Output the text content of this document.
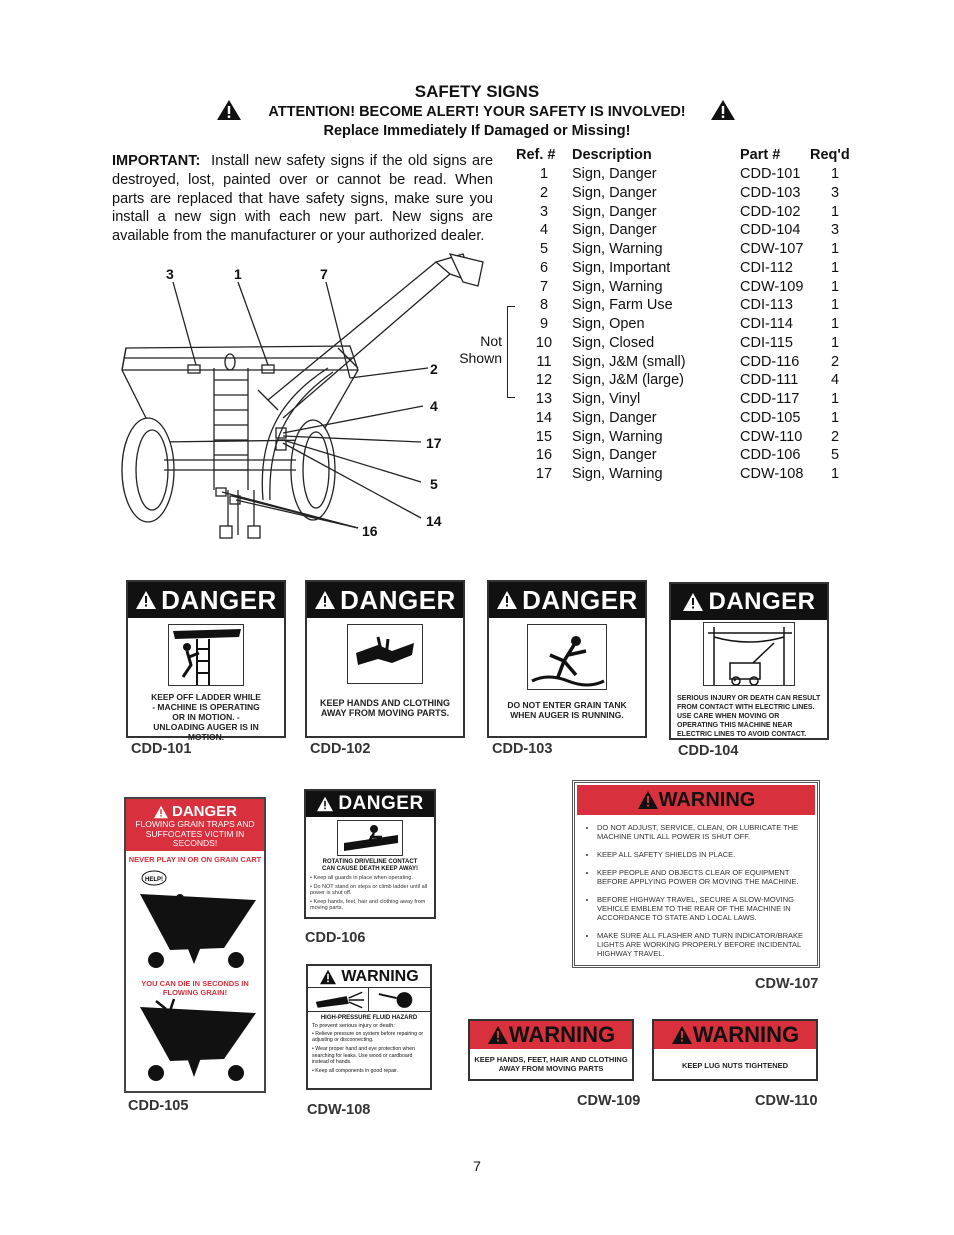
SAFETY SIGNS
ATTENTION! BECOME ALERT! YOUR SAFETY IS INVOLVED!
Replace Immediately If Damaged or Missing!
IMPORTANT: Install new safety signs if the old signs are destroyed, lost, painted over or cannot be read. When parts are replaced that have safety signs, make sure you install a new sign with each new part. New signs are available from the manufacturer or your authorized dealer.
Ref. #	Description	Part #	Req'd
1	Sign, Danger	CDD-101	1
2	Sign, Danger	CDD-103	3
3	Sign, Danger	CDD-102	1
4	Sign, Danger	CDD-104	3
5	Sign, Warning	CDW-107	1
6	Sign, Important	CDI-112	1
7	Sign, Warning	CDW-109	1
8	Sign, Farm Use	CDI-113	1
9	Sign, Open	CDI-114	1
10	Sign, Closed	CDI-115	1
11	Sign, J&M (small)	CDD-116	2
12	Sign, J&M (large)	CDD-111	4
13	Sign, Vinyl	CDD-117	1
14	Sign, Danger	CDD-105	1
15	Sign, Warning	CDW-110	2
16	Sign, Danger	CDD-106	5
17	Sign, Warning	CDW-108	1
Not
Shown
3	1	7
2
4
17
5
14
16
DANGER
KEEP OFF LADDER WHILE - MACHINE IS OPERATING OR IN MOTION. - UNLOADING AUGER IS IN MOTION.
CDD-101
DANGER
KEEP HANDS AND CLOTHING AWAY FROM MOVING PARTS.
CDD-102
DANGER
DO NOT ENTER GRAIN TANK WHEN AUGER IS RUNNING.
CDD-103
DANGER
SERIOUS INJURY OR DEATH CAN RESULT FROM CONTACT WITH ELECTRIC LINES. USE CARE WHEN MOVING OR OPERATING THIS MACHINE NEAR ELECTRIC LINES TO AVOID CONTACT.
CDD-104
DANGER
FLOWING GRAIN TRAPS AND SUFFOCATES VICTIM IN SECONDS!
NEVER PLAY IN OR ON GRAIN CART
HELP!
YOU CAN DIE IN SECONDS IN FLOWING GRAIN!
CDD-105
DANGER
ROTATING DRIVELINE CONTACT CAN CAUSE DEATH KEEP AWAY!
• Keep all guards in place when operating.
• Do NOT stand on steps or climb ladder until all power is shut off.
• Keep hands, feet, hair and clothing away from moving parts.
CDD-106
WARNING
• DO NOT ADJUST, SERVICE, CLEAN, OR LUBRICATE THE MACHINE UNTIL ALL POWER IS SHUT OFF.
• KEEP ALL SAFETY SHIELDS IN PLACE.
• KEEP PEOPLE AND OBJECTS CLEAR OF EQUIPMENT BEFORE APPLYING POWER OR MOVING THE MACHINE.
• BEFORE HIGHWAY TRAVEL, SECURE A SLOW-MOVING VEHICLE EMBLEM TO THE REAR OF THE MACHINE IN ACCORDANCE TO STATE AND LOCAL LAWS.
• MAKE SURE ALL FLASHER AND TURN INDICATOR/BRAKE LIGHTS ARE WORKING PROPERLY BEFORE INCIDENTAL HIGHWAY TRAVEL.
CDW-107
WARNING
HIGH-PRESSURE FLUID HAZARD
To prevent serious injury or death:
• Relieve pressure on system before repairing or adjusting or disconnecting.
• Wear proper hand and eye protection when searching for leaks. Use wood or cardboard instead of hands.
• Keep all components in good repair.
CDW-108
WARNING
KEEP HANDS, FEET, HAIR AND CLOTHING AWAY FROM MOVING PARTS
CDW-109
WARNING
KEEP LUG NUTS TIGHTENED
CDW-110
7
